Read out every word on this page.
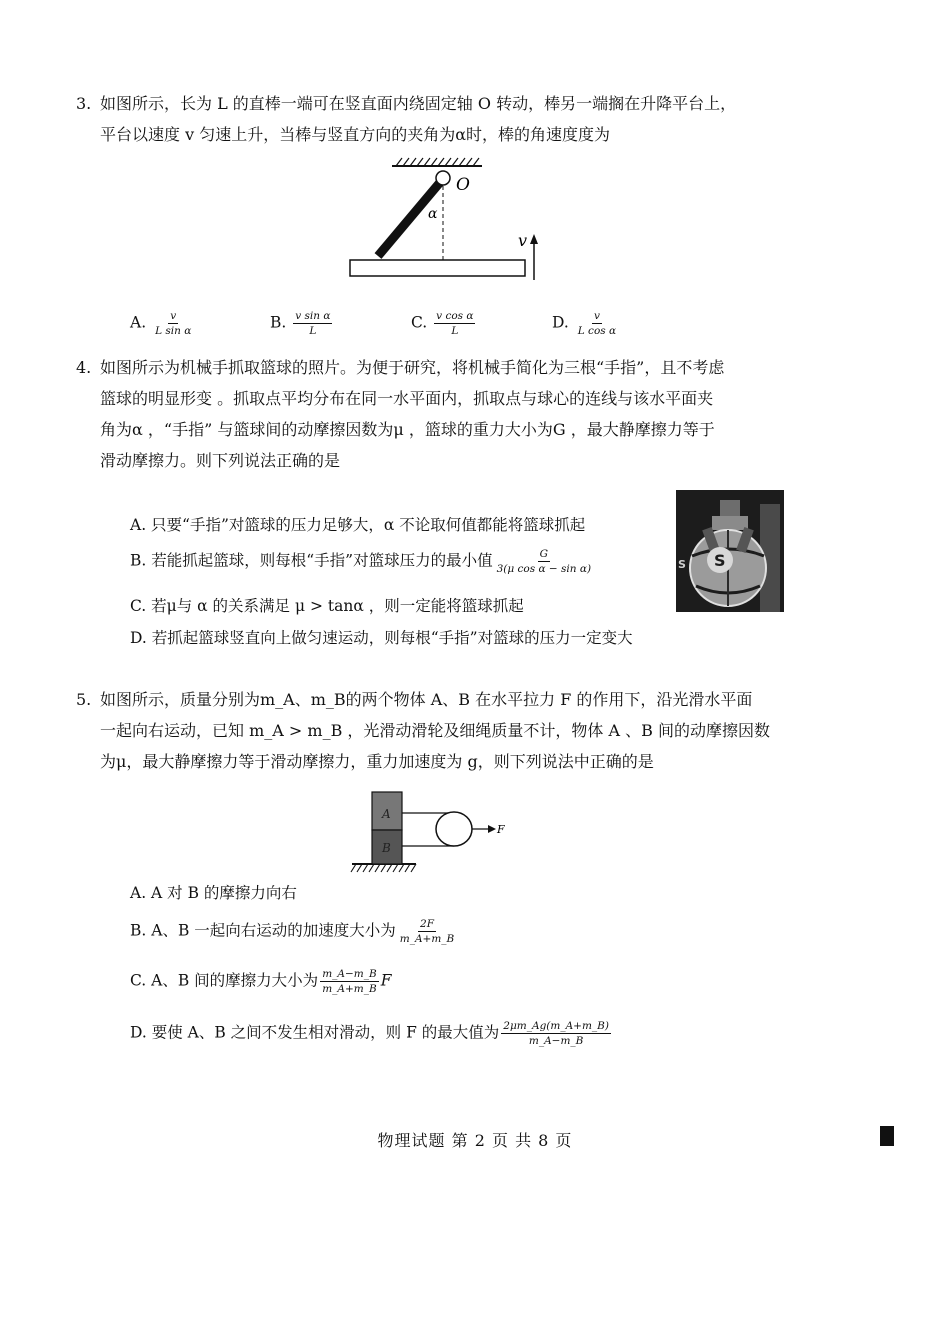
3. 如图所示，长为 L 的直棒一端可在竖直面内绕固定轴 O 转动，棒另一端搁在升降平台上，

平台以速度 v 匀速上升，当棒与竖直方向的夹角为α时，棒的角速度度为

O
α
v
A. $\frac{v}{\text{L sin α}}$	B. $\frac{\text{v sin α}}{L}$	C. $\frac{\text{v cos α}}{L}$	D. $\frac{v}{\text{L cos α}}$
4. 如图所示为机械手抓取篮球的照片。为便于研究，将机械手简化为三根“手指”，且不考虑

篮球的明显形变 。抓取点平均分布在同一水平面内，抓取点与球心的连线与该水平面夹

角为α ，“手指” 与篮球间的动摩擦因数为μ ，篮球的重力大小为G ，最大静摩擦力等于

滑动摩擦力。则下列说法正确的是

A. 只要“手指”对篮球的压力足够大，α 不论取何值都能将篮球抓起
B. 若能抓起篮球，则每根“手指”对篮球压力的最小值 $\frac{G}{\text{3(μ cos α − sin α)}}$
C. 若μ与 α 的关系满足 μ > tanα ，则一定能将篮球抓起
D. 若抓起篮球竖直向上做匀速运动，则每根“手指”对篮球的压力一定变大
S
S
5. 如图所示，质量分别为m_A、m_B的两个物体 A、B 在水平拉力 F 的作用下，沿光滑水平面

一起向右运动，已知 m_A > m_B ，光滑动滑轮及细绳质量不计，物体 A 、B 间的动摩擦因数

为μ，最大静摩擦力等于滑动摩擦力，重力加速度为 g，则下列说法中正确的是

A
B
F
A. A 对 B 的摩擦力向右
B. A、B 一起向右运动的加速度大小为 $\frac{2F}{m\_A+m\_B}$
C. A、B 间的摩擦力大小为 $\frac{m\_A-m\_B}{m\_A+m\_B}$ F
D. 要使 A、B 之间不发生相对滑动，则 F 的最大值为 $\frac{2\mu m\_Ag(m\_A+m\_B)}{m\_A-m\_B}$
物理试题 第 2 页 共 8 页
